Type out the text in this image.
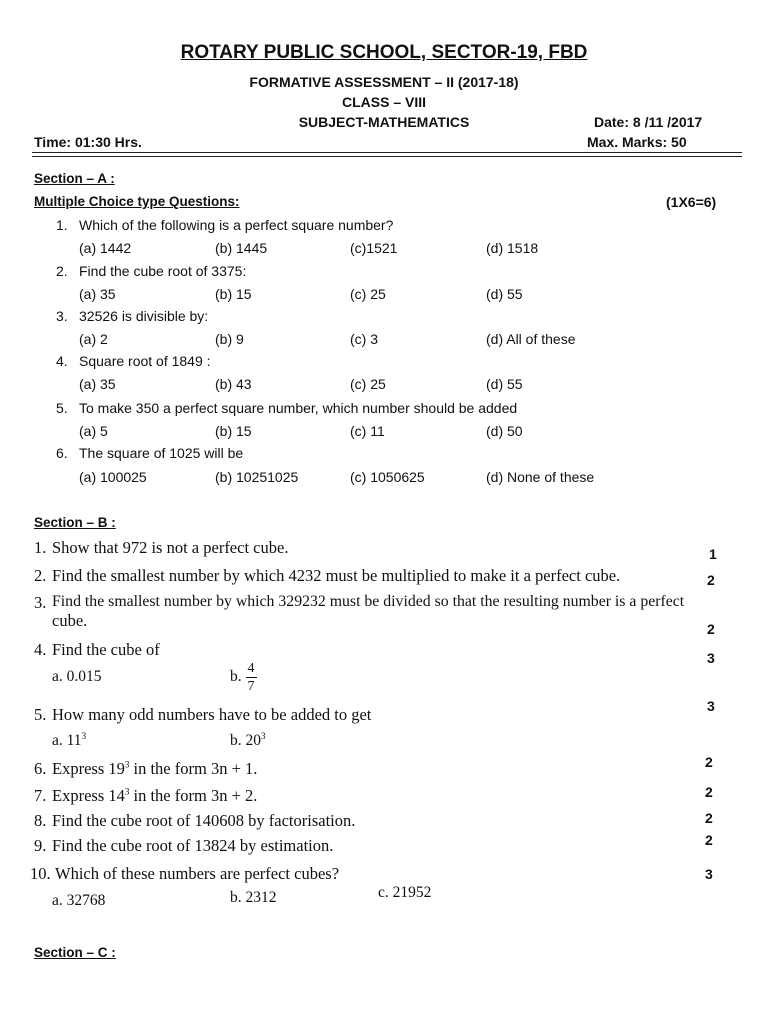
ROTARY PUBLIC SCHOOL, SECTOR-19, FBD
FORMATIVE ASSESSMENT – II (2017-18)
CLASS – VIII
SUBJECT-MATHEMATICS	Date: 8 /11 /2017
Time: 01:30 Hrs.	Max. Marks: 50
Section – A :
Multiple Choice type Questions:	(1X6=6)
1. Which of the following is a perfect square number?
(a) 1442	(b) 1445	(c)1521	(d) 1518
2. Find the cube root of 3375:
(a) 35	(b) 15	(c) 25	(d) 55
3. 32526 is divisible by:
(a) 2	(b) 9	(c) 3	(d) All of these
4. Square root of 1849 :
(a) 35	(b) 43	(c) 25	(d) 55
5. To make 350 a perfect square number, which number should be added
(a) 5	(b) 15	(c) 11	(d) 50
6. The square of 1025 will be
(a) 100025	(b) 10251025	(c) 1050625	(d) None of these
Section – B :
1. Show that 972 is not a perfect cube.	1
2. Find the smallest number by which 4232 must be multiplied to make it a perfect cube.	2
3. Find the smallest number by which 329232 must be divided so that the resulting number is a perfect
cube.	2
4. Find the cube of	3
a. 0.015	b. $\frac{4}{7}$
5. How many odd numbers have to be added to get	3
a. $11^3$	b. $20^3$
6. Express $19^3$ in the form 3n + 1.	2
7. Express $14^3$ in the form 3n + 2.	2
8. Find the cube root of 140608 by factorisation.	2
9. Find the cube root of 13824 by estimation.	2
10. Which of these numbers are perfect cubes?	3
a. 32768	b. 2312	c. 21952
Section – C :
